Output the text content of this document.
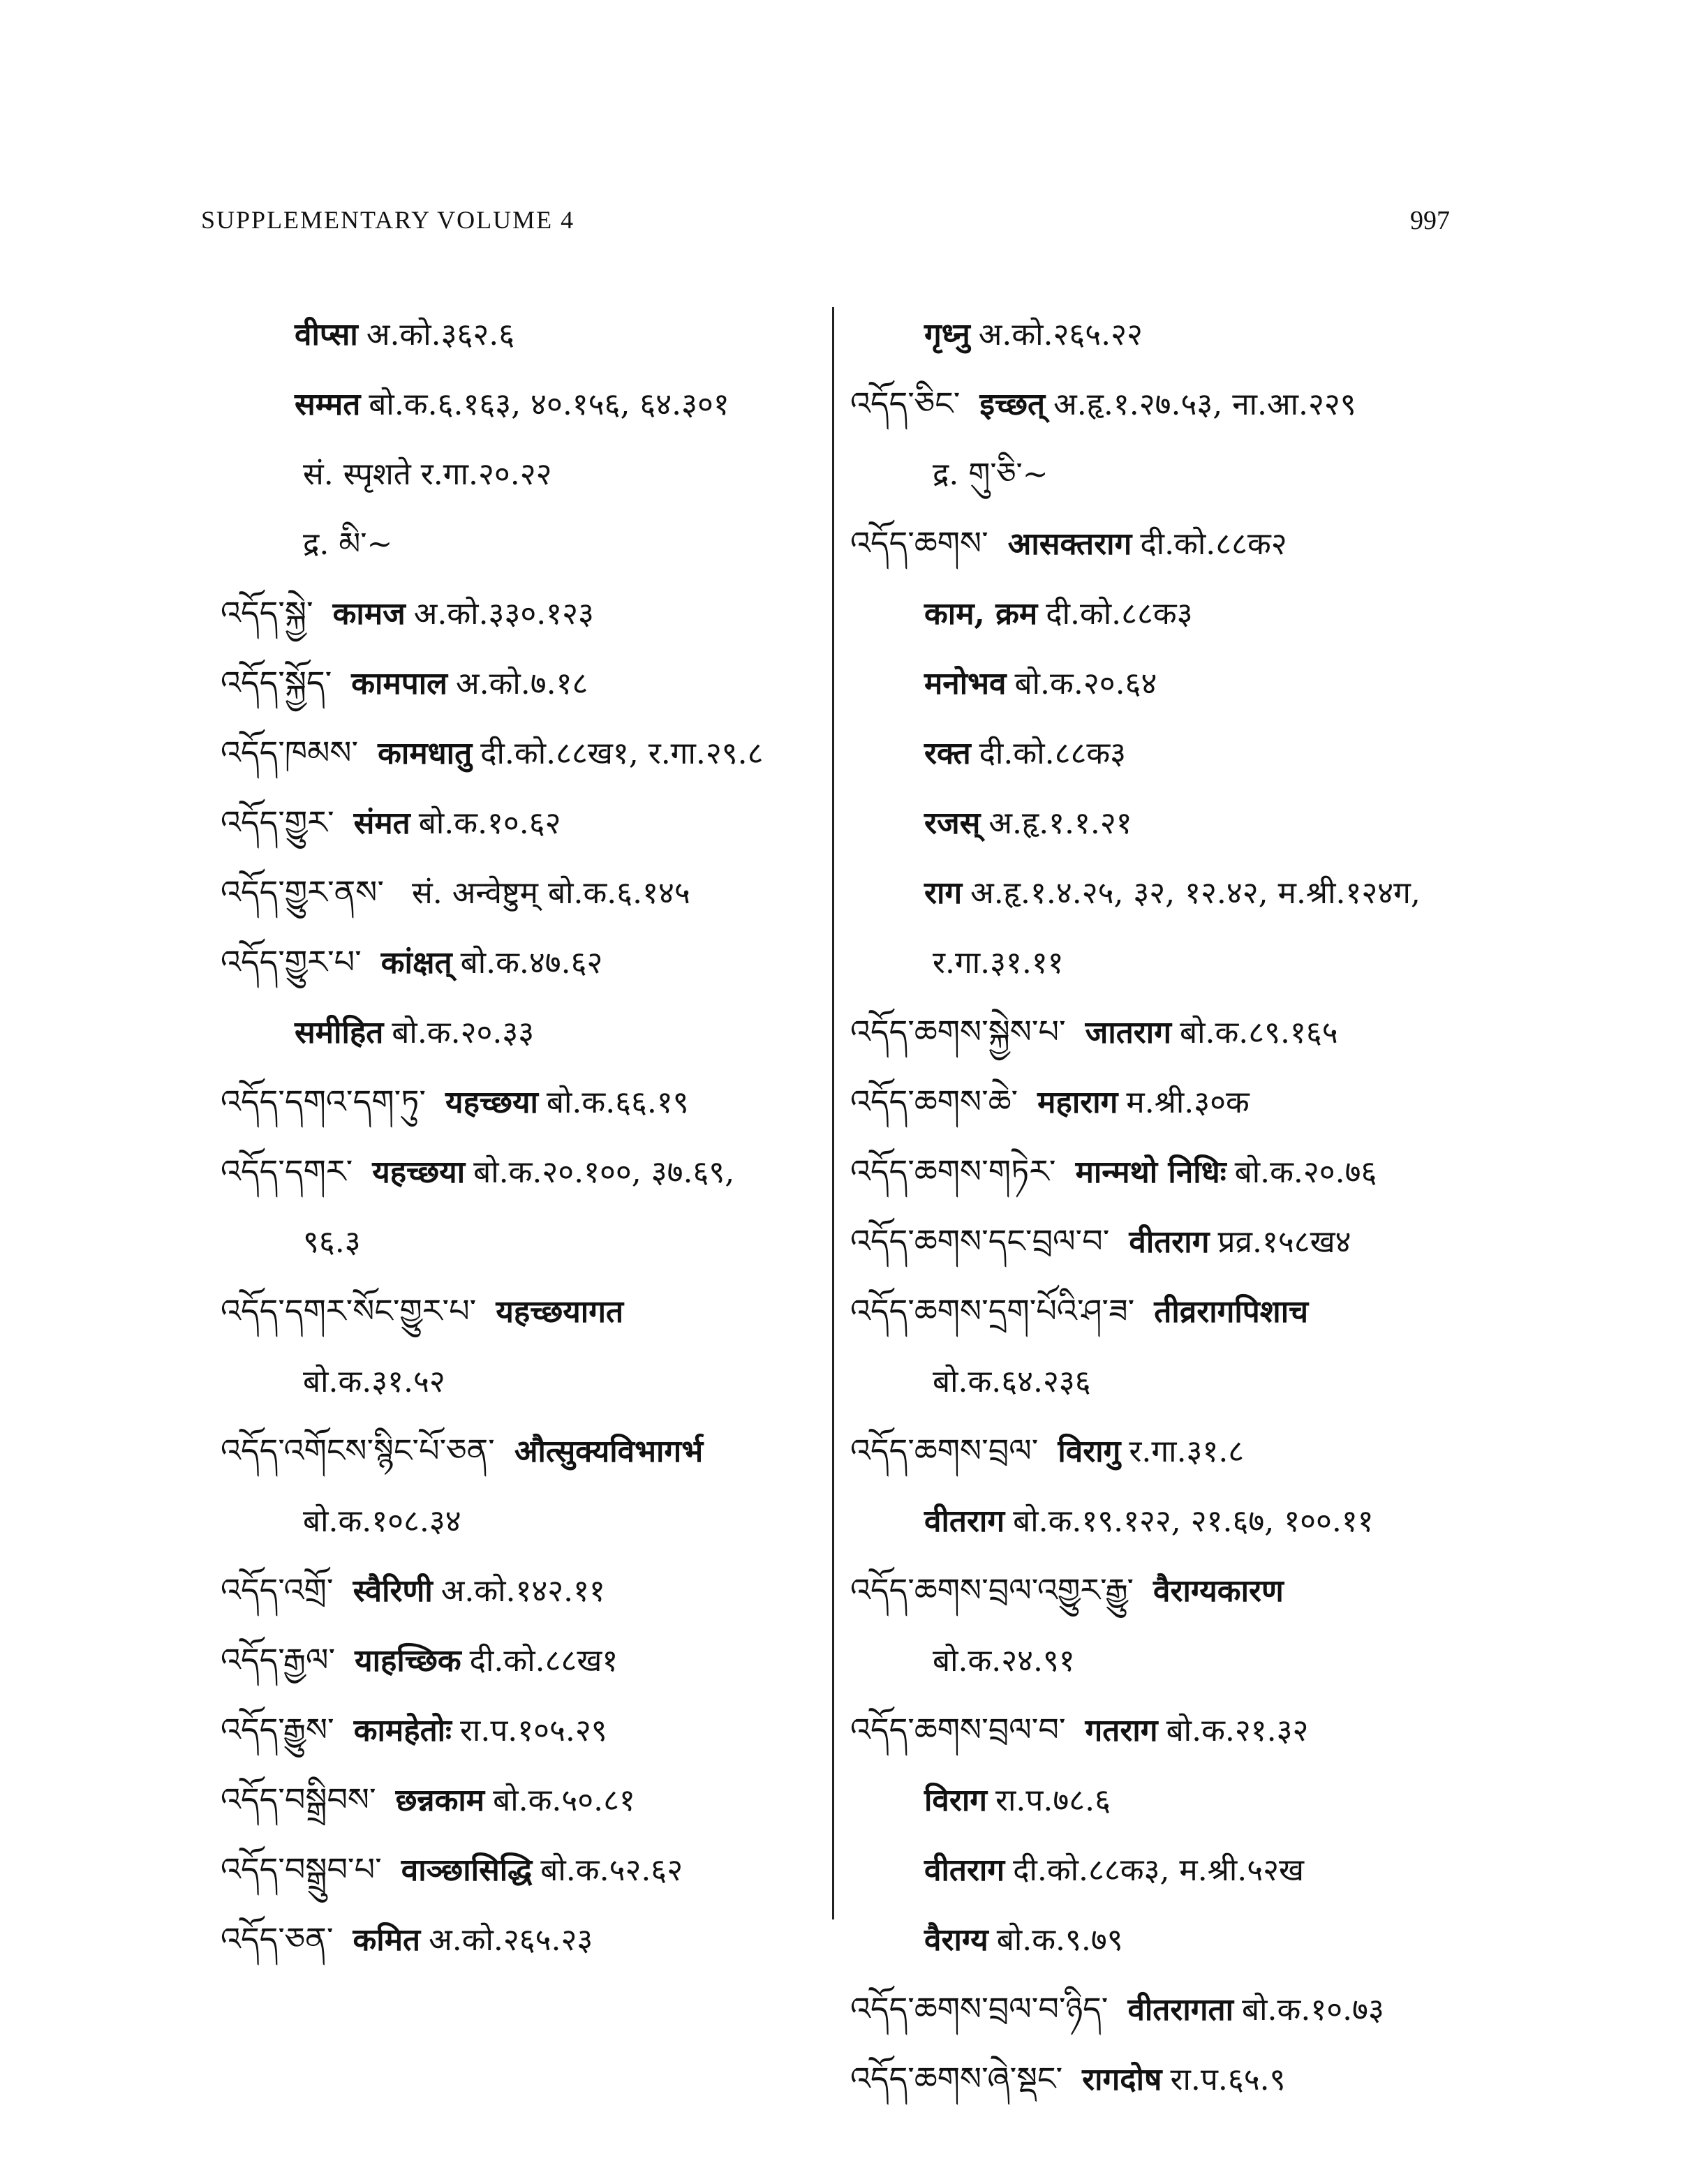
SUPPLEMENTARY VOLUME 4	997
वीप्सा अ.को.३६२.६
सम्मत बो.क.६.१६३, ४०.१५६, ६४.३०१
सं. स्पृशते र.गा.२०.२२
द्र. མི་~
འདོད་སྐྱེ་ कामज अ.को.३३०.१२३
འདོད་སྐྱོད་ कामपाल अ.को.७.१८
འདོད་ཁམས་ कामधातु दी.को.८८ख१, र.गा.२९.८
འདོད་གྱུར་ संमत बो.क.१०.६२
འདོད་གྱུར་ནས་ सं. अन्वेष्टुम् बो.क.६.१४५
འདོད་གྱུར་པ་ कांक्षत् बो.क.४७.६२
समीहित बो.क.२०.३३
འདོད་དགའ་དག་ཏུ་ यहच्छया बो.क.६६.१९
འདོད་དགར་ यहच्छया बो.क.२०.१००, ३७.६९,
९६.३
འདོད་དགར་སོང་གྱུར་པ་ यहच्छयागत
बो.क.३१.५२
འདོད་འགོངས་སྙིང་པོ་ཅན་ औत्सुक्यविभागर्भ
बो.क.१०८.३४
འདོད་འགྲོ་ स्वैरिणी अ.को.१४२.११
འདོད་རྒྱལ་ याहच्छिक दी.को.८८ख१
འདོད་རྒྱུས་ कामहेतोः रा.प.१०५.२९
འདོད་བསྒྲིབས་ छन्नकाम बो.क.५०.८१
འདོད་བསྒྲུབ་པ་ वाञ्छासिद्धि बो.क.५२.६२
འདོད་ཅན་ कमित अ.को.२६५.२३
गृध्नु अ.को.२६५.२२
འདོད་ཅིང་ इच्छत् अ.हृ.१.२७.५३, ना.आ.२२९
द्र. གུ་ཅི་~
འདོད་ཆགས་ आसक्तराग दी.को.८८क२
काम, क्रम दी.को.८८क३
मनोभव बो.क.२०.६४
रक्त दी.को.८८क३
रजस् अ.हृ.१.१.२१
राग अ.हृ.१.४.२५, ३२, १२.४२, म.श्री.१२४ग,
र.गा.३१.११
འདོད་ཆགས་སྐྱེས་པ་ जातराग बो.क.८९.१६५
འདོད་ཆགས་ཆེ་ महाराग म.श्री.३०क
འདོད་ཆགས་གཏེར་ मान्मथो निधिः बो.क.२०.७६
འདོད་ཆགས་དང་བྲལ་བ་ वीतराग प्रव्र.१५८ख४
འདོད་ཆགས་དྲག་པོའི་ཤ་ཟ་ तीव्ररागपिशाच
बो.क.६४.२३६
འདོད་ཆགས་བྲལ་ विरागु र.गा.३१.८
वीतराग बो.क.१९.१२२, २१.६७, १००.११
འདོད་ཆགས་བྲལ་འགྱུར་རྒྱུ་ वैराग्यकारण
बो.क.२४.९१
འདོད་ཆགས་བྲལ་བ་ गतराग बो.क.२१.३२
विराग रा.प.७८.६
वीतराग दी.को.८८क३, म.श्री.५२ख
वैराग्य बो.क.९.७९
འདོད་ཆགས་བྲལ་བ་ཉིད་ वीतरागता बो.क.१०.७३
འདོད་ཆགས་ཞེ་སྡང་ रागदोष रा.प.६५.९
